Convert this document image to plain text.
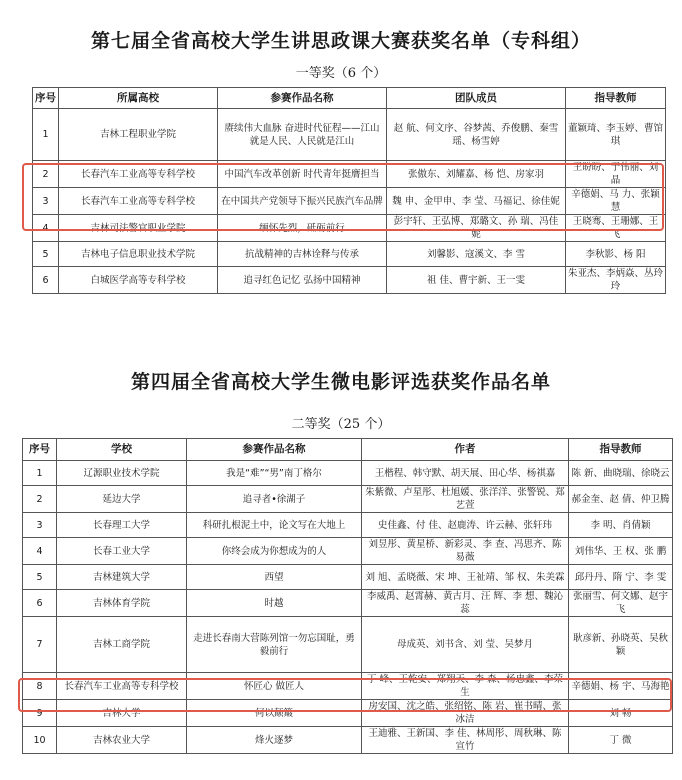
第七届全省高校大学生讲思政课大赛获奖名单（专科组）
一等奖（6 个）
序号	所属高校	参赛作品名称	团队成员	指导教师
1	吉林工程职业学院	赓续伟大血脉 奋进时代征程——江山就是人民、人民就是江山	赵 航、何文序、谷梦茜、乔俊鹏、秦雪瑶、杨雪婷	董颖琦、李玉婷、曹馆琪
2	长春汽车工业高等专科学校	中国汽车改革创新 时代青年挺膺担当	张傲东、刘耀嘉、杨 恺、房家羽	王盼盼、于伟丽、刘 晶
3	长春汽车工业高等专科学校	在中国共产党领导下振兴民族汽车品牌	魏 申、金甲申、李 莹、马福记、徐佳妮	辛德娟、马 力、张颖慧
4	吉林司法警官职业学院	缅怀先烈，砥砺前行	彭宇轩、王弘博、郑璐文、孙 瑞、冯佳妮	王晓骞、王珊娜、王 飞
5	吉林电子信息职业技术学院	抗战精神的吉林诠释与传承	刘馨影、寇溪文、李 雪	李秋影、杨 阳
6	白城医学高等专科学校	追寻红色记忆 弘扬中国精神	祖 佳、曹宇新、王一雯	朱亚杰、李炳焱、丛玲玲
第四届全省高校大学生微电影评选获奖作品名单
二等奖（25 个）
序号	学校	参赛作品名称	作者	指导教师
1	辽源职业技术学院	我是“难”“男”南丁格尔	王楷程、韩守默、胡天展、田心华、杨祺嘉	陈 新、曲晓瑞、徐晓云
2	延边大学	追寻者•徐湖子	朱紫微、卢星彤、杜旭媛、张洋洋、张警锐、郑艺萱	郝金奎、赵 倩、仲卫腾
3	长春理工大学	科研扎根泥土中，论文写在大地上	史佳鑫、付 佳、赵鹿涛、许云赫、张轩玮	李 明、肖倩颖
4	长春工业大学	你终会成为你想成为的人	刘昱彤、黄星桥、新彩灵、李 查、冯思齐、陈易薇	刘伟华、王 权、张 鹏
5	吉林建筑大学	西望	刘 旭、孟晓薇、宋 坤、王祉靖、邹 权、朱美霖	邱丹丹、隋 宁、李 雯
6	吉林体育学院	时越	李威禹、赵霄赫、黄古月、汪 辉、李 想、魏沁蕊	张丽雪、何文娜、赵宇飞
7	吉林工商学院	走进长春南大营陈列馆一勿忘国耻，勇毅前行	母成英、刘书含、刘 莹、吴梦月	耿彦新、孙晓英、吴秋颖
8	长春汽车工业高等专科学校	怀匠心 做匠人	丁 峰、王乾安、郑翔天、李 森、杨忠鑫、李荣生	辛德娟、杨 宇、马海艳
9	吉林大学	何以颠簸	房安国、沈之皓、张绍铭、陈 岩、崔书晴、张冰洁	刘 畅
10	吉林农业大学	烽火逐梦	王迪雅、王新国、李 佳、林周彤、周秋琳、陈宣竹	丁 微
